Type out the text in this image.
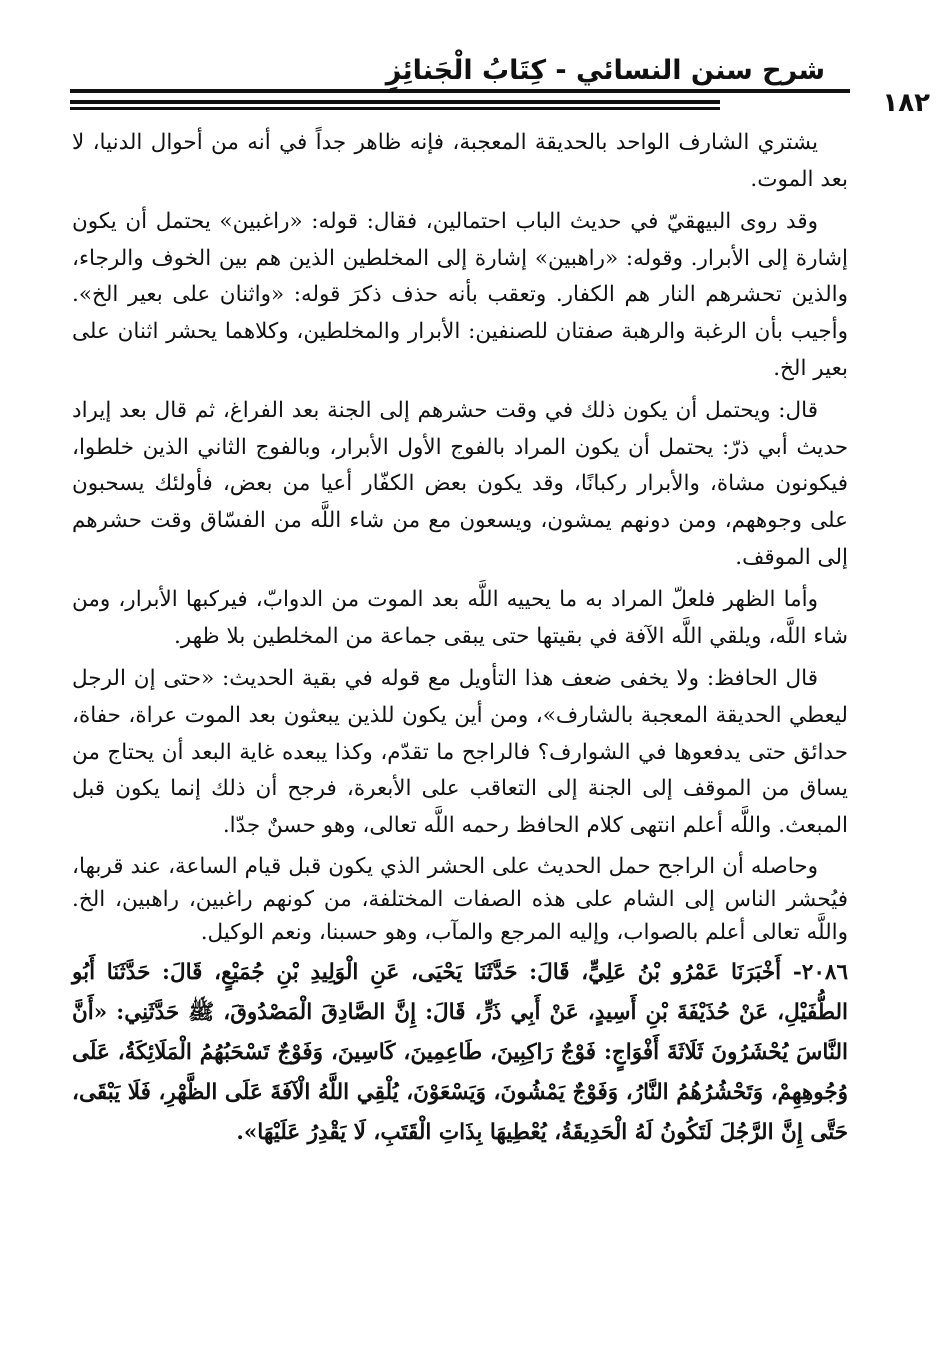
شرح سنن النسائي - كِتَابُ الْجَنائِزِ
١٨٢

يشتري الشارف الواحد بالحديقة المعجبة، فإنه ظاهر جداً في أنه من أحوال الدنيا، لا بعد الموت.

وقد روى البيهقيّ في حديث الباب احتمالين، فقال: قوله: «راغبين» يحتمل أن يكون إشارة إلى الأبرار. وقوله: «راهبين» إشارة إلى المخلطين الذين هم بين الخوف والرجاء، والذين تحشرهم النار هم الكفار. وتعقب بأنه حذف ذكرَ قوله: «واثنان على بعير الخ». وأجيب بأن الرغبة والرهبة صفتان للصنفين: الأبرار والمخلطين، وكلاهما يحشر اثنان على بعير الخ.

قال: ويحتمل أن يكون ذلك في وقت حشرهم إلى الجنة بعد الفراغ، ثم قال بعد إيراد حديث أبي ذرّ: يحتمل أن يكون المراد بالفوج الأول الأبرار، وبالفوج الثاني الذين خلطوا، فيكونون مشاة، والأبرار ركبانًا، وقد يكون بعض الكفّار أعيا من بعض، فأولئك يسحبون على وجوههم، ومن دونهم يمشون، ويسعون مع من شاء اللَّه من الفسّاق وقت حشرهم إلى الموقف.

وأما الظهر فلعلّ المراد به ما يحييه اللَّه بعد الموت من الدوابّ، فيركبها الأبرار، ومن شاء اللَّه، ويلقي اللَّه الآفة في بقيتها حتى يبقى جماعة من المخلطين بلا ظهر.

قال الحافظ: ولا يخفى ضعف هذا التأويل مع قوله في بقية الحديث: «حتى إن الرجل ليعطي الحديقة المعجبة بالشارف»، ومن أين يكون للذين يبعثون بعد الموت عراة، حفاة، حدائق حتى يدفعوها في الشوارف؟ فالراجح ما تقدّم، وكذا يبعده غاية البعد أن يحتاج من يساق من الموقف إلى الجنة إلى التعاقب على الأبعرة، فرجح أن ذلك إنما يكون قبل المبعث. واللَّه أعلم انتهى كلام الحافظ رحمه اللَّه تعالى، وهو حسنٌ جدّا.

وحاصله أن الراجح حمل الحديث على الحشر الذي يكون قبل قيام الساعة، عند قربها، فيُحشر الناس إلى الشام على هذه الصفات المختلفة، من كونهم راغبين، راهبين، الخ. واللَّه تعالى أعلم بالصواب، وإليه المرجع والمآب، وهو حسبنا، ونعم الوكيل.

٢٠٨٦- أَخْبَرَنَا عَمْرُو بْنُ عَلِيٍّ، قَالَ: حَدَّثَنَا يَحْيَى، عَنِ الْوَلِيدِ بْنِ جُمَيْعٍ، قَالَ: حَدَّثَنَا أَبُو الطُّفَيْلِ، عَنْ حُذَيْفَةَ بْنِ أَسِيدٍ، عَنْ أَبِي ذَرٍّ، قَالَ: إِنَّ الصَّادِقَ الْمَصْدُوقَ، ﷺ حَدَّثَنِي: «أَنَّ النَّاسَ يُحْشَرُونَ ثَلَاثَةَ أَفْوَاجٍ: فَوْجٌ رَاكِبِينَ، طَاعِمِينَ، كَاسِينَ، وَفَوْجٌ تَسْحَبُهُمُ الْمَلَائِكَةُ، عَلَى وُجُوهِهِمْ، وَتَحْشُرُهُمُ النَّارُ، وَفَوْجٌ يَمْشُونَ، وَيَسْعَوْنَ، يُلْقِي اللَّهُ الْآفَةَ عَلَى الظَّهْرِ، فَلَا يَبْقَى، حَتَّى إِنَّ الرَّجُلَ لَتَكُونُ لَهُ الْحَدِيقَةُ، يُعْطِيهَا بِذَاتِ الْقَتَبِ، لَا يَقْدِرُ عَلَيْهَا».
